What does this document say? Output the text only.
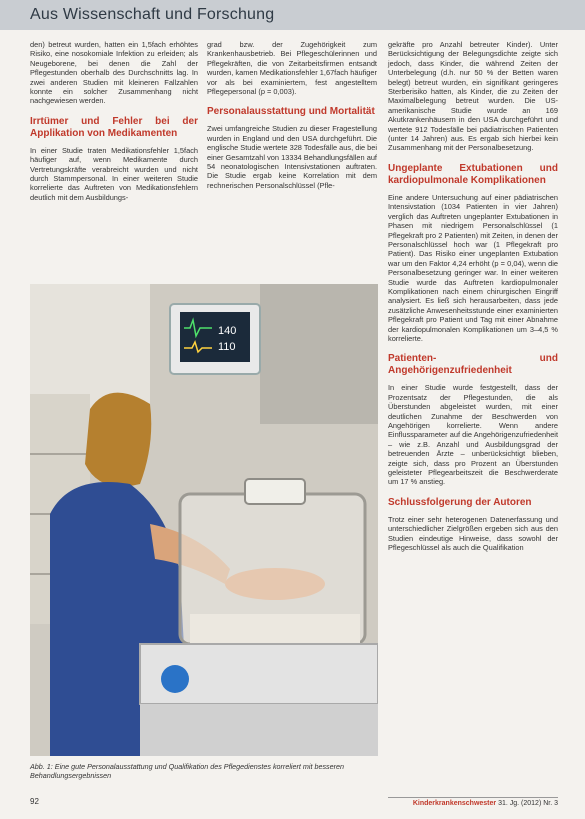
Aus Wissenschaft und Forschung

den) betreut wurden, hatten ein 1,5fach erhöhtes Risiko, eine nosokomiale Infektion zu erleiden; als Neugeborene, bei denen die Zahl der Pflegestunden oberhalb des Durchschnitts lag. In zwei anderen Studien mit kleineren Fallzahlen konnte ein solcher Zusammenhang nicht nachgewiesen werden.

Irrtümer und Fehler bei der Applikation von Medikamenten

In einer Studie traten Medikationsfehler 1,5fach häufiger auf, wenn Medikamente durch Vertretungskräfte verabreicht wurden und nicht durch Stammpersonal. In einer weiteren Studie korrelierte das Auftreten von Medikationsfehlern deutlich mit dem Ausbildungs-

grad bzw. der Zugehörigkeit zum Krankenhausbetrieb. Bei Pflegeschülerinnen und Pflegekräften, die von Zeitarbeitsfirmen entsandt wurden, kamen Medikationsfehler 1,67fach häufiger vor als bei examiniertem, fest angestelltem Pflegepersonal (p = 0,003).

Personalausstattung und Mortalität

Zwei umfangreiche Studien zu dieser Fragestellung wurden in England und den USA durchgeführt. Die englische Studie wertete 328 Todesfälle aus, die bei einer Gesamtzahl von 13334 Behandlungsfällen auf 54 neonatologischen Intensivstationen auftraten. Die Studie ergab keine Korrelation mit dem rechnerischen Personalschlüssel (Pfle-

gekräfte pro Anzahl betreuter Kinder). Unter Berücksichtigung der Belegungsdichte zeigte sich jedoch, dass Kinder, die während Zeiten der Unterbelegung (d.h. nur 50 % der Betten waren belegt) betreut wurden, ein signifikant geringeres Sterberisiko hatten, als Kinder, die zu Zeiten der Maximalbelegung betreut wurden. Die US-amerikanische Studie wurde an 169 Akutkrankenhäusern in den USA durchgeführt und wertete 912 Todesfälle bei pädiatrischen Patienten (unter 14 Jahren) aus. Es ergab sich hierbei kein Zusammenhang mit der Personalbesetzung.

Ungeplante Extubationen und kardiopulmonale Komplikationen

Eine andere Untersuchung auf einer pädiatrischen Intensivstation (1034 Patienten in vier Jahren) verglich das Auftreten ungeplanter Extubationen in Phasen mit niedrigem Personalschlüssel (1 Pflegekraft pro 2 Patienten) mit Zeiten, in denen der Personalschlüssel hoch war (1 Pflegekraft pro Patient). Das Risiko einer ungeplanten Extubation war um den Faktor 4,24 erhöht (p = 0,04), wenn die Personalbesetzung geringer war. In einer weiteren Studie wurde das Auftreten kardiopulmonaler Komplikationen nach einem chirurgischen Eingriff analysiert. Es ließ sich herausarbeiten, dass jede zusätzliche Anwesenheitsstunde einer examinierten Pflegekraft pro Patient und Tag mit einer Abnahme der kardiopulmonalen Komplikationen um 3–4,5 % korrelierte.

Patienten- und Angehörigenzufriedenheit

In einer Studie wurde festgestellt, dass der Prozentsatz der Pflegestunden, die als Überstunden abgeleistet wurden, mit einer deutlichen Zunahme der Beschwerden von Angehörigen korrelierte. Wenn andere Einflussparameter auf die Angehörigenzufriedenheit – wie z.B. Anzahl und Ausbildungsgrad der betreuenden Ärzte – unberücksichtigt blieben, zeigte sich, dass pro Prozent an Überstunden geleisteter Pflegearbeitszeit die Beschwerderate um 17 % anstieg.

Schlussfolgerung der Autoren

Trotz einer sehr heterogenen Datenerfassung und unterschiedlicher Zielgrößen ergeben sich aus den Studien eindeutige Hinweise, dass sowohl der Pflegeschlüssel als auch die Qualifikation

140
110
Abb. 1: Eine gute Personalausstattung und Qualifikation des Pflegedienstes korreliert mit besseren Behandlungsergebnissen
92	Kinderkrankenschwester 31. Jg. (2012) Nr. 3
